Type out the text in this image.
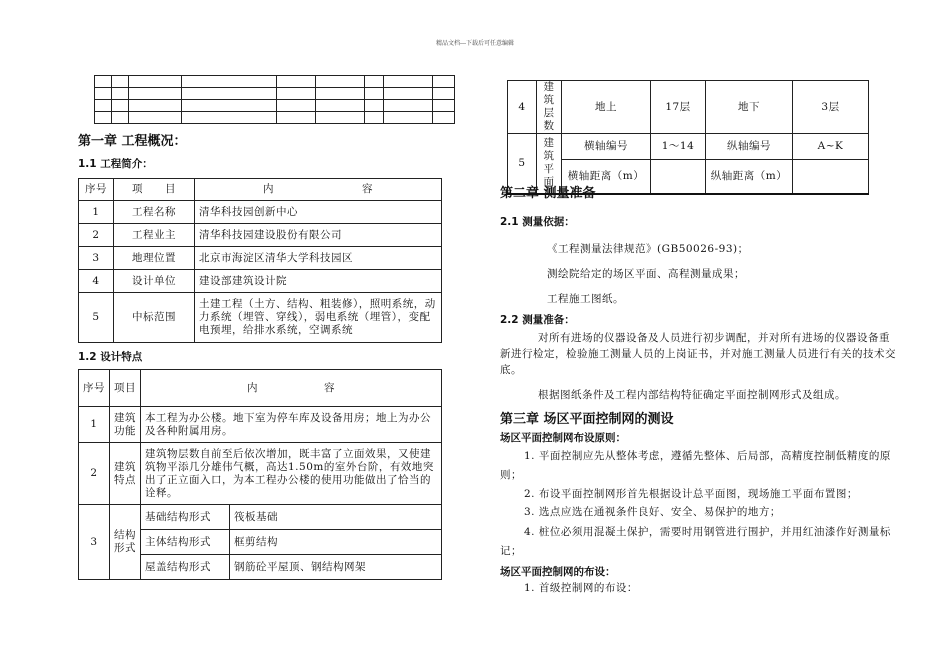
精品文档---下载后可任意编辑

第一章 工程概况：
1.1 工程简介：
序号	项　　目	内　　　　　　　　容
1	工程名称	清华科技园创新中心
2	工程业主	清华科技园建设股份有限公司
3	地理位置	北京市海淀区清华大学科技园区
4	设计单位	建设部建筑设计院
5	中标范围	土建工程（土方、结构、粗装修），照明系统，动力系统（埋管、穿线），弱电系统（埋管），变配电预埋，给排水系统，空调系统
1.2 设计特点
序号	项目	内　　　　　　容	
1	建筑功能	本工程为办公楼。地下室为停车库及设备用房；地上为办公及各种附属用房。	
2	建筑特点	建筑物层数自前至后依次增加，既丰富了立面效果，又使建筑物平添几分雄伟气概，高达1.50m的室外台阶，有效地突出了正立面入口，为本工程办公楼的使用功能做出了恰当的诠释。	
3	结构形式	基础结构形式	筏板基础
		主体结构形式	框剪结构
		屋盖结构形式	钢筋砼平屋顶、钢结构网架
4	建筑层数	地上	17层	地下	3层
5	建筑平面	横轴编号	1～14	纵轴编号	A~K
		横轴距离（m）		纵轴距离（m）	
第二章 测量准备
2.1 测量依据：

《工程测量法律规范》(GB50026-93)；

测绘院给定的场区平面、高程测量成果；

工程施工图纸。

2.2 测量准备：

对所有进场的仪器设备及人员进行初步调配，并对所有进场的仪器设备重新进行检定，检验施工测量人员的上岗证书，并对施工测量人员进行有关的技术交底。

根据图纸条件及工程内部结构特征确定平面控制网形式及组成。

第三章 场区平面控制网的测设
场区平面控制网布设原则：

1. 平面控制应先从整体考虑，遵循先整体、后局部，高精度控制低精度的原则；

2. 布设平面控制网形首先根据设计总平面图，现场施工平面布置图；

3. 选点应选在通视条件良好、安全、易保护的地方；

4. 桩位必须用混凝土保护，需要时用钢管进行围护，并用红油漆作好测量标记；

场区平面控制网的布设：

1. 首级控制网的布设：
